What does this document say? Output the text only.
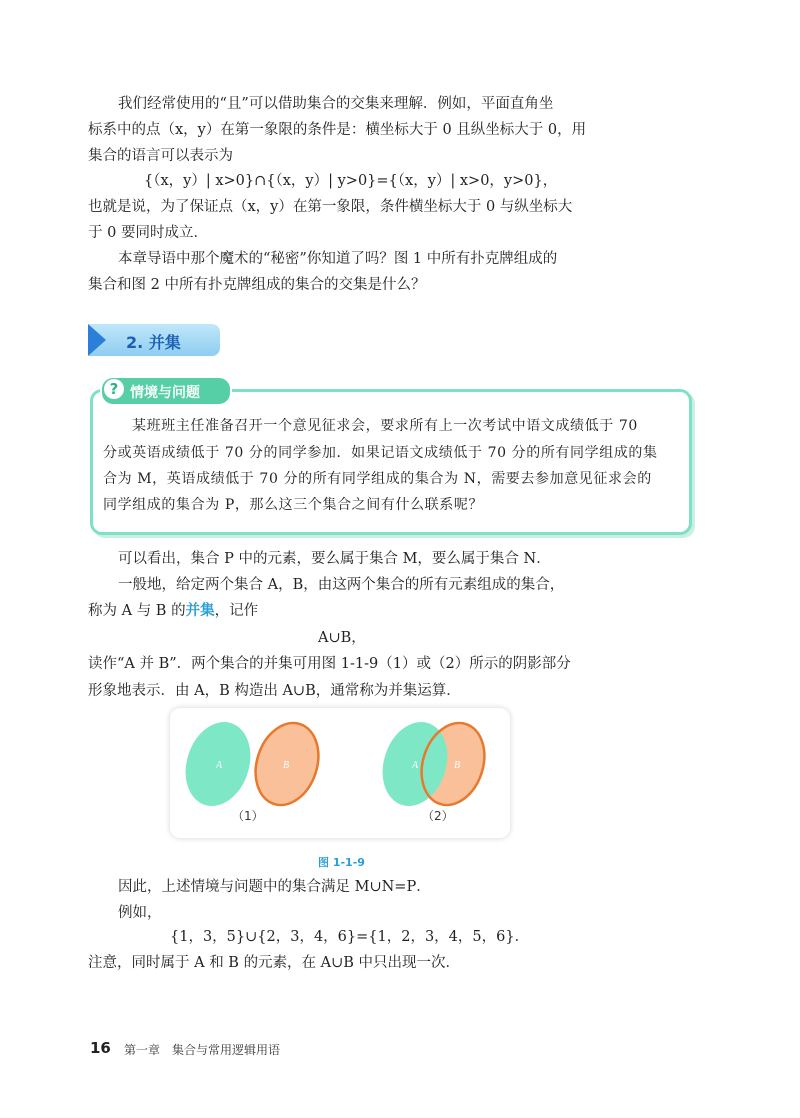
我们经常使用的“且”可以借助集合的交集来理解．例如，平面直角坐
标系中的点（x，y）在第一象限的条件是：横坐标大于 0 且纵坐标大于 0，用
集合的语言可以表示为
{（x，y）| x>0}∩{（x，y）| y>0}={（x，y）| x>0，y>0}，
也就是说，为了保证点（x，y）在第一象限，条件横坐标大于 0 与纵坐标大
于 0 要同时成立．
本章导语中那个魔术的“秘密”你知道了吗？图 1 中所有扑克牌组成的
集合和图 2 中所有扑克牌组成的集合的交集是什么？
2. 并集
? 情境与问题
某班班主任准备召开一个意见征求会，要求所有上一次考试中语文成绩低于 70
分或英语成绩低于 70 分的同学参加．如果记语文成绩低于 70 分的所有同学组成的集
合为 M，英语成绩低于 70 分的所有同学组成的集合为 N，需要去参加意见征求会的
同学组成的集合为 P，那么这三个集合之间有什么联系呢？
可以看出，集合 P 中的元素，要么属于集合 M，要么属于集合 N．
一般地，给定两个集合 A，B，由这两个集合的所有元素组成的集合，
称为 A 与 B 的并集，记作
A∪B，
读作“A 并 B”．两个集合的并集可用图 1-1-9（1）或（2）所示的阴影部分
形象地表示．由 A，B 构造出 A∪B，通常称为并集运算．
A	B	A	B
（1）	（2）
图 1-1-9
因此，上述情境与问题中的集合满足 M∪N=P．
例如，
{1，3，5}∪{2，3，4，6}={1，2，3，4，5，6}．
注意，同时属于 A 和 B 的元素，在 A∪B 中只出现一次．
16 第一章　集合与常用逻辑用语
